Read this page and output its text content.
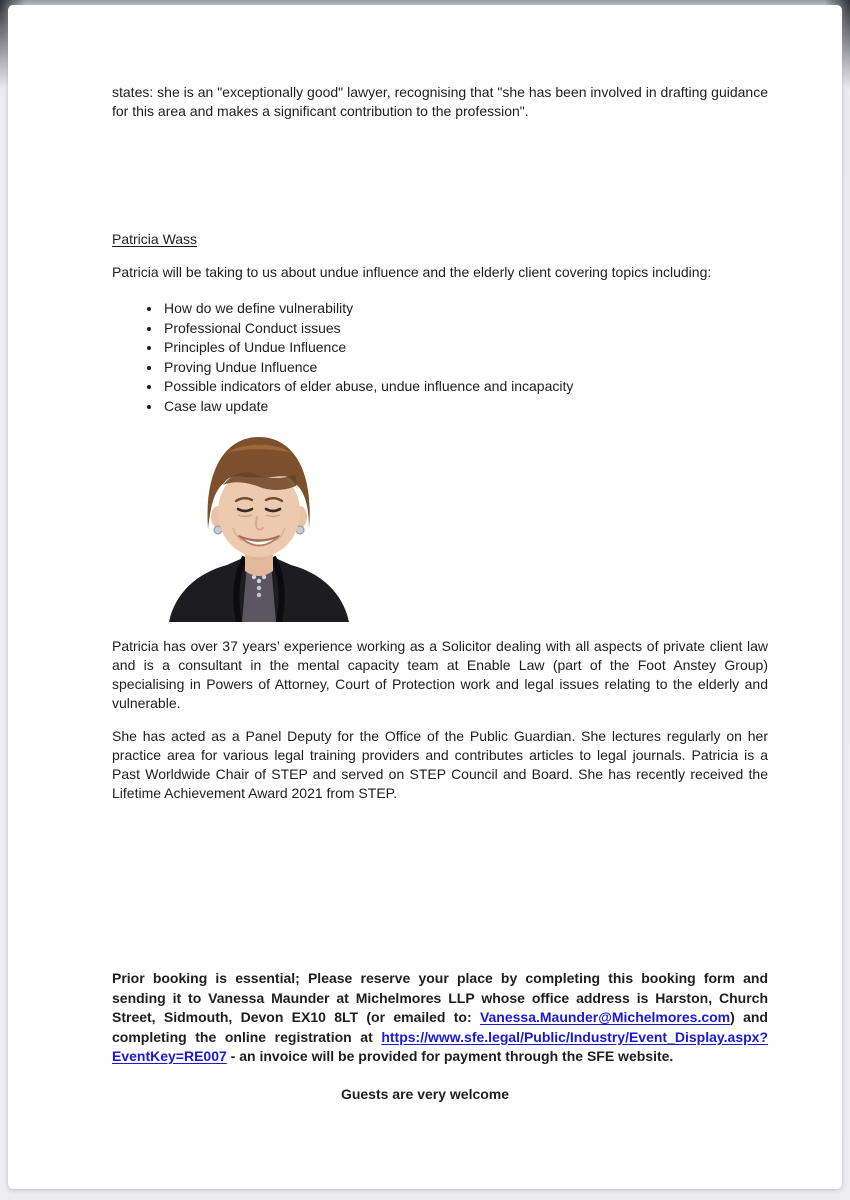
states: she is an "exceptionally good" lawyer, recognising that "she has been involved in drafting guidance for this area and makes a significant contribution to the profession".

Patricia Wass

Patricia will be taking to us about undue influence and the elderly client covering topics including:

• How do we define vulnerability
• Professional Conduct issues
• Principles of Undue Influence
• Proving Undue Influence
• Possible indicators of elder abuse, undue influence and incapacity
• Case law update

Patricia has over 37 years’ experience working as a Solicitor dealing with all aspects of private client law and is a consultant in the mental capacity team at Enable Law (part of the Foot Anstey Group) specialising in Powers of Attorney, Court of Protection work and legal issues relating to the elderly and vulnerable.

She has acted as a Panel Deputy for the Office of the Public Guardian. She lectures regularly on her practice area for various legal training providers and contributes articles to legal journals. Patricia is a Past Worldwide Chair of STEP and served on STEP Council and Board. She has recently received the Lifetime Achievement Award 2021 from STEP.

Prior booking is essential; Please reserve your place by completing this booking form and sending it to Vanessa Maunder at Michelmores LLP whose office address is Harston, Church Street, Sidmouth, Devon EX10 8LT (or emailed to: Vanessa.Maunder@Michelmores.com) and completing the online registration at https://www.sfe.legal/Public/Industry/Event_Display.aspx?EventKey=RE007 - an invoice will be provided for payment through the SFE website.

Guests are very welcome
